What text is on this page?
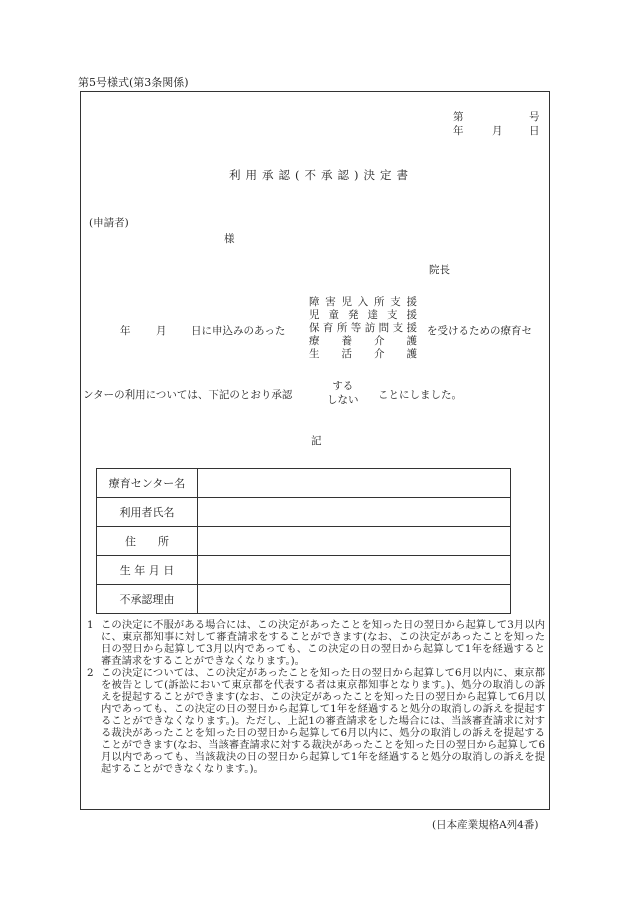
第5号様式(第3条関係)
第	号
年	月	日
利用承認(不承認)決定書
(申請者)
様
院長
年 月 日に申込みのあった
障害児入所支援
児童発達支援
保育所等訪問支援
療養介護
生活介護
を受けるための療育セ
ンターの利用については、下記のとおり承認
する
しない ことにしました。
記
療育センター名	
利用者氏名	
住　　所	
生 年 月 日	
不承認理由	
1 この決定に不服がある場合には、この決定があったことを知った日の翌日から起算して3月以内に、東京都知事に対して審査請求をすることができます(なお、この決定があったことを知った日の翌日から起算して3月以内であっても、この決定の日の翌日から起算して1年を経過すると審査請求をすることができなくなります。)。
2 この決定については、この決定があったことを知った日の翌日から起算して6月以内に、東京都を被告として(訴訟において東京都を代表する者は東京都知事となります。)、処分の取消しの訴えを提起することができます(なお、この決定があったことを知った日の翌日から起算して6月以内であっても、この決定の日の翌日から起算して1年を経過すると処分の取消しの訴えを提起することができなくなります。)。ただし、上記1の審査請求をした場合には、当該審査請求に対する裁決があったことを知った日の翌日から起算して6月以内に、処分の取消しの訴えを提起することができます(なお、当該審査請求に対する裁決があったことを知った日の翌日から起算して6月以内であっても、当該裁決の日の翌日から起算して1年を経過すると処分の取消しの訴えを提起することができなくなります。)。
(日本産業規格A列4番)
